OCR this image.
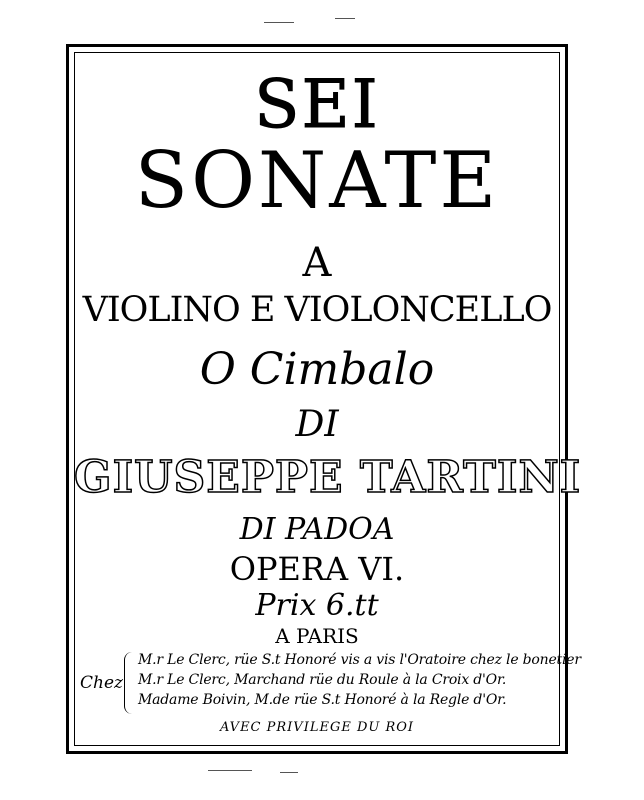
SEI
SONATE
A
VIOLINO E VIOLONCELLO
O Cimbalo
DI
GIUSEPPE TARTINI
DI PADOA
OPERA VI.
Prix 6.tt
A PARIS
Chez
M.r Le Clerc, rüe S.t Honoré vis a vis l'Oratoire chez le bonetier
M.r Le Clerc, Marchand rüe du Roule à la Croix d'Or.
Madame Boivin, M.de rüe S.t Honoré à la Regle d'Or.
AVEC PRIVILEGE DU ROI
